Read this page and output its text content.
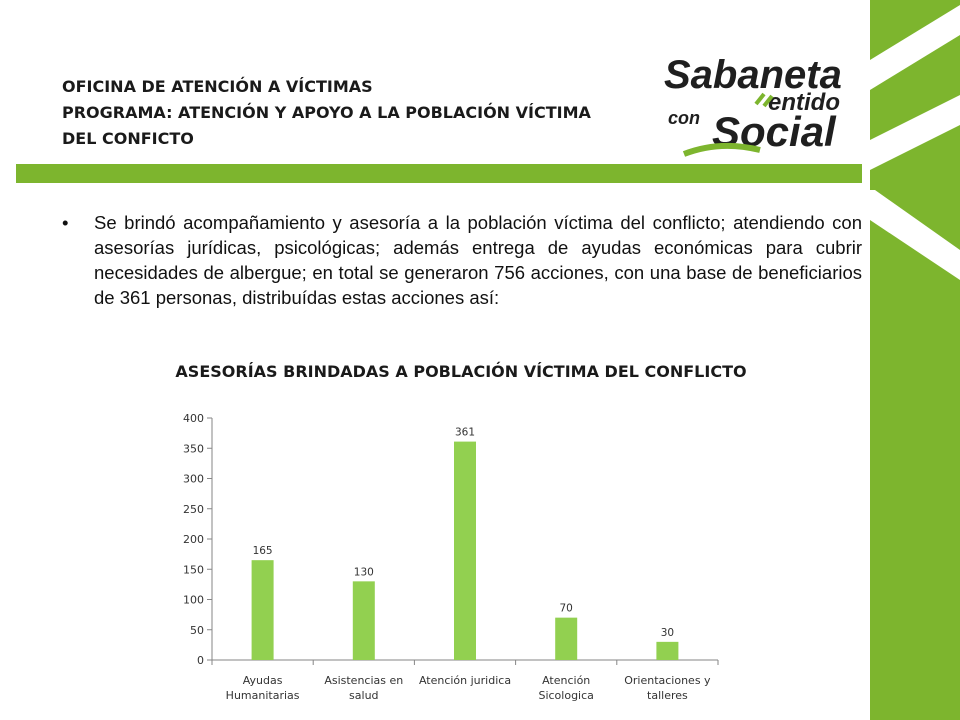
OFICINA DE ATENCIÓN A VÍCTIMAS
PROGRAMA: ATENCIÓN Y APOYO A LA POBLACIÓN VÍCTIMA
DEL CONFICTO
Sabaneta
con
entido
Social
• Se brindó acompañamiento y asesoría a la población víctima del conflicto; atendiendo con asesorías jurídicas, psicológicas; además entrega de ayudas económicas para cubrir necesidades de albergue; en total se generaron 756 acciones, con una base de beneficiarios de 361 personas, distribuídas estas acciones así:

ASESORÍAS BRINDADAS A POBLACIÓN VÍCTIMA DEL CONFLICTO
0
50
100
150
200
250
300
350
400
165
Ayudas
Humanitarias
130
Asistencias en
salud
361
Atención juridica
70
Atención
Sicologica
30
Orientaciones y
talleres
